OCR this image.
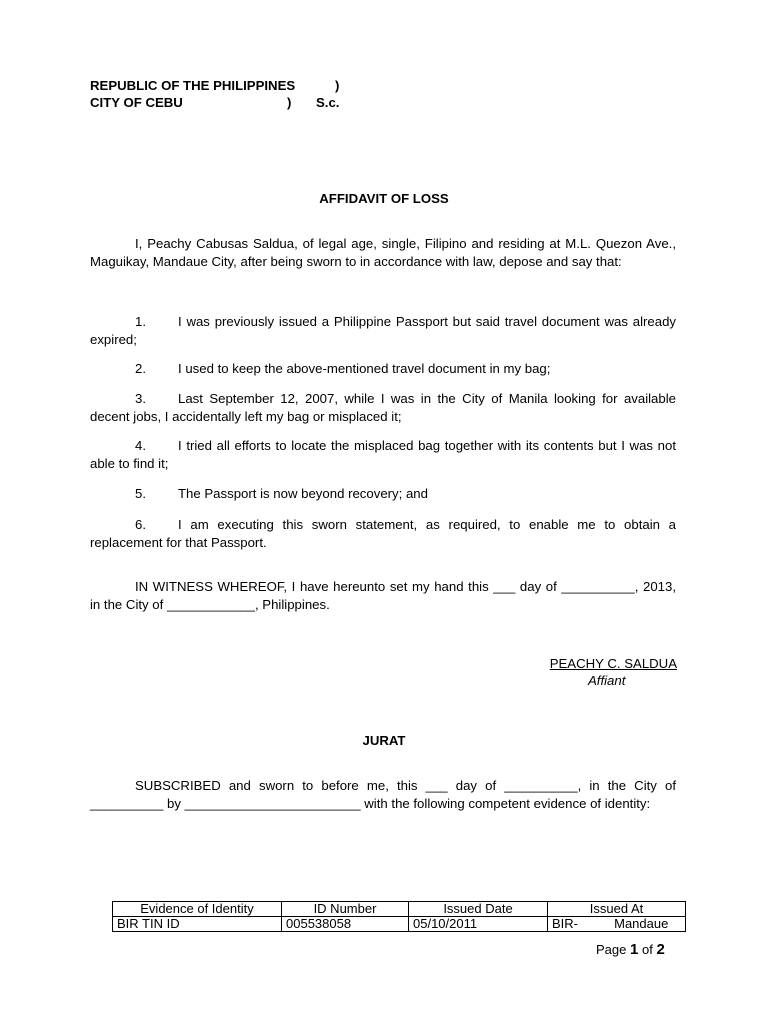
REPUBLIC OF THE PHILIPPINES	)
CITY OF CEBU	) S.c.
AFFIDAVIT OF LOSS
I, Peachy Cabusas Saldua, of legal age, single, Filipino and residing at M.L. Quezon Ave., Maguikay, Mandaue City, after being sworn to in accordance with law, depose and say that:
1. I was previously issued a Philippine Passport but said travel document was already expired;
2. I used to keep the above-mentioned travel document in my bag;
3. Last September 12, 2007, while I was in the City of Manila looking for available decent jobs, I accidentally left my bag or misplaced it;
4. I tried all efforts to locate the misplaced bag together with its contents but I was not able to find it;
5. The Passport is now beyond recovery; and
6. I am executing this sworn statement, as required, to enable me to obtain a replacement for that Passport.
IN WITNESS WHEREOF, I have hereunto set my hand this ___ day of __________, 2013, in the City of ____________, Philippines.
PEACHY C. SALDUA
Affiant
JURAT
SUBSCRIBED and sworn to before me, this ___ day of __________, in the City of __________ by ________________________ with the following competent evidence of identity:
Evidence of Identity	ID Number	Issued Date	Issued At
BIR TIN ID	005538058	05/10/2011	BIR-          Mandaue
Page 1 of 2
